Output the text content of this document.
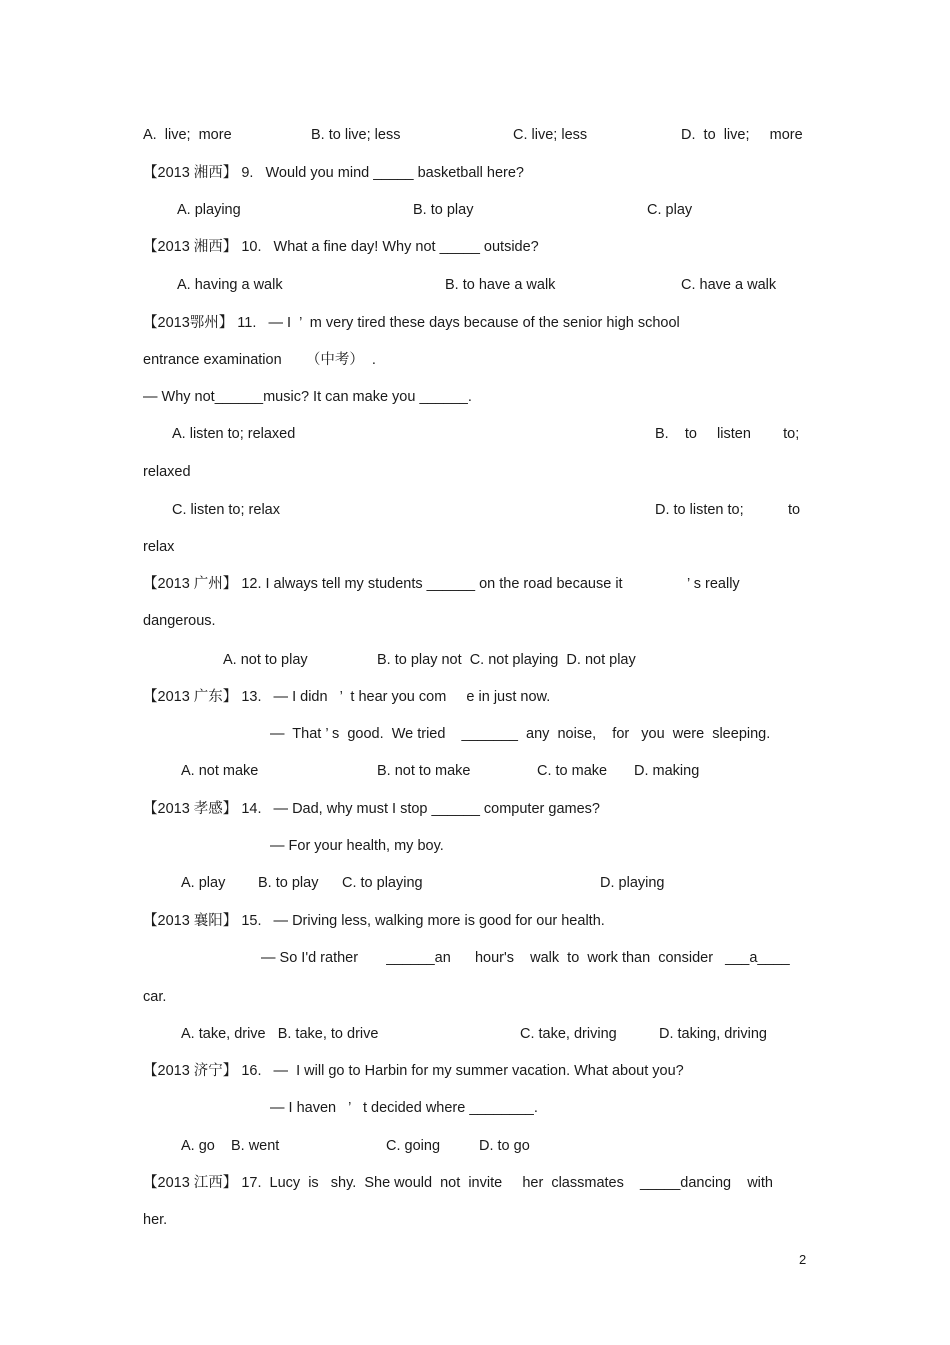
A.  live;  more	B. to live; less	C. live; less	D.  to  live;     more
【2013 湘西】 9.   Would you mind _____ basketball here?
A. playing	B. to play	C. play
【2013 湘西】 10.   What a fine day! Why not _____ outside?
A. having a walk	B. to have a walk	C. have a walk
【2013鄂州】 11.   — I  ’  m very tired these days because of the senior high school
entrance examination      （中考）  .
— Why not______music? It can make you ______.
A. listen to; relaxed	B.    to     listen        to;
relaxed
C. listen to; relax	D. to listen to;           to
relax
【2013 广州】 12. I always tell my students ______ on the road because it                ’ s really
dangerous.
A. not to play	B. to play not  C. not playing  D. not play
【2013 广东】 13.   — I didn   ’  t hear you com     e in just now.
—  That ’ s  good.  We tried    _______  any  noise,    for   you  were  sleeping.
A. not make	B. not to make	C. to make D. making
【2013 孝感】 14.   — Dad, why must I stop ______ computer games?
— For your health, my boy.
A. play B. to play C. to playing	D. playing
【2013 襄阳】 15.   — Driving less, walking more is good for our health.
— So I'd rather       ______an      hour's    walk  to  work than  consider   ___a____
car.
A. take, drive   B. take, to drive	C. take, driving	D. taking, driving
【2013 济宁】 16.   —  I will go to Harbin for my summer vacation. What about you?
— I haven   ’   t decided where ________.
A. go    B. went	C. going	D. to go
【2013 江西】 17.  Lucy  is   shy.  She would  not  invite     her  classmates    _____dancing    with
her.
2
